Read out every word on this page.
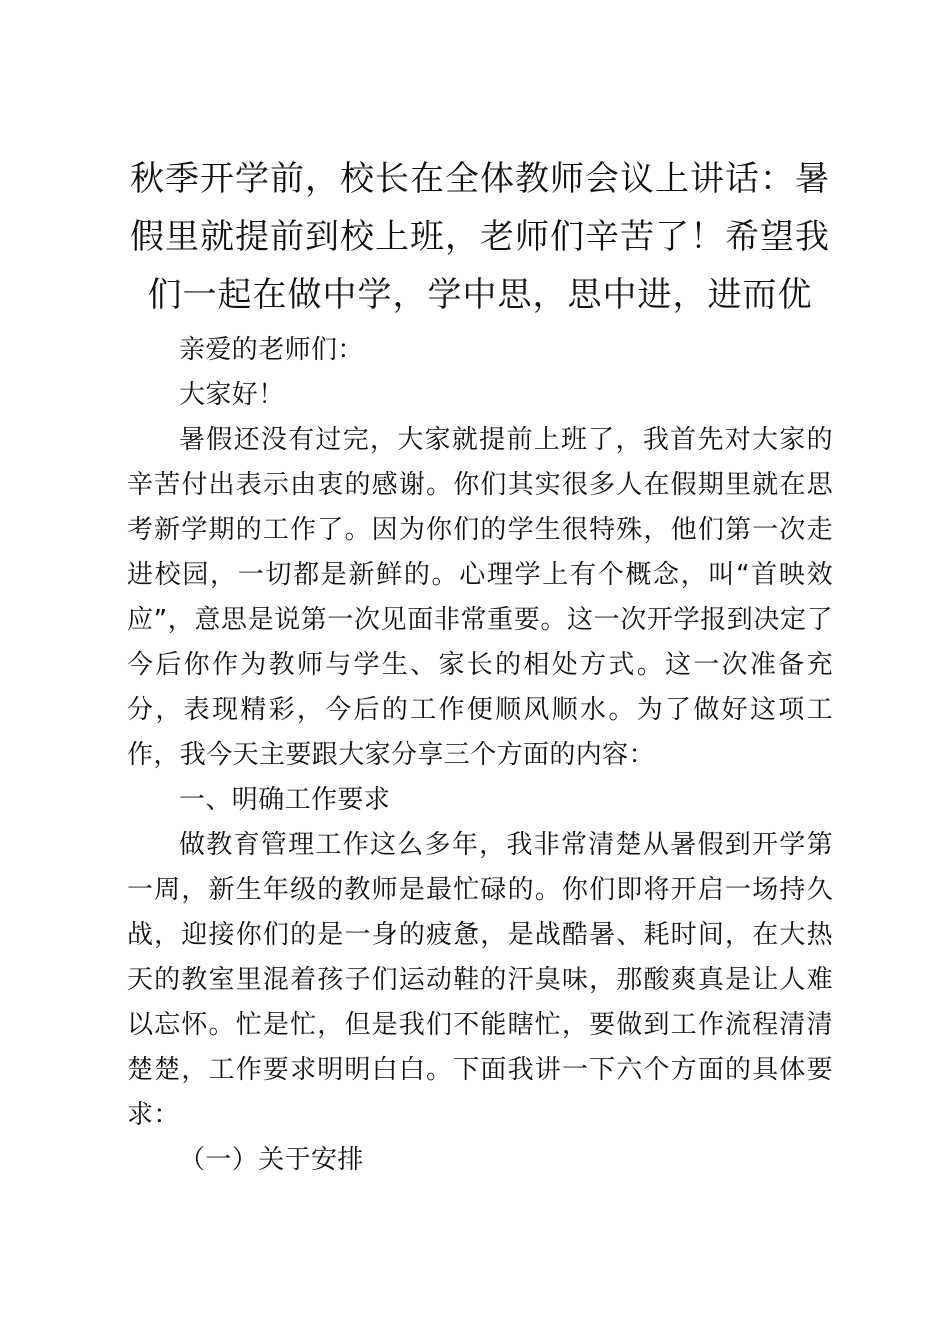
秋季开学前，校长在全体教师会议上讲话：暑
假里就提前到校上班，老师们辛苦了！希望我
们一起在做中学，学中思，思中进，进而优

亲爱的老师们：

大家好！

暑假还没有过完，大家就提前上班了，我首先对大家的辛苦付出表示由衷的感谢。你们其实很多人在假期里就在思考新学期的工作了。因为你们的学生很特殊，他们第一次走进校园，一切都是新鲜的。心理学上有个概念，叫“首映效应”，意思是说第一次见面非常重要。这一次开学报到决定了今后你作为教师与学生、家长的相处方式。这一次准备充分，表现精彩，今后的工作便顺风顺水。为了做好这项工作，我今天主要跟大家分享三个方面的内容：

一、明确工作要求

做教育管理工作这么多年，我非常清楚从暑假到开学第一周，新生年级的教师是最忙碌的。你们即将开启一场持久战，迎接你们的是一身的疲惫，是战酷暑、耗时间，在大热天的教室里混着孩子们运动鞋的汗臭味，那酸爽真是让人难以忘怀。忙是忙，但是我们不能瞎忙，要做到工作流程清清楚楚，工作要求明明白白。下面我讲一下六个方面的具体要求：

（一）关于安排
